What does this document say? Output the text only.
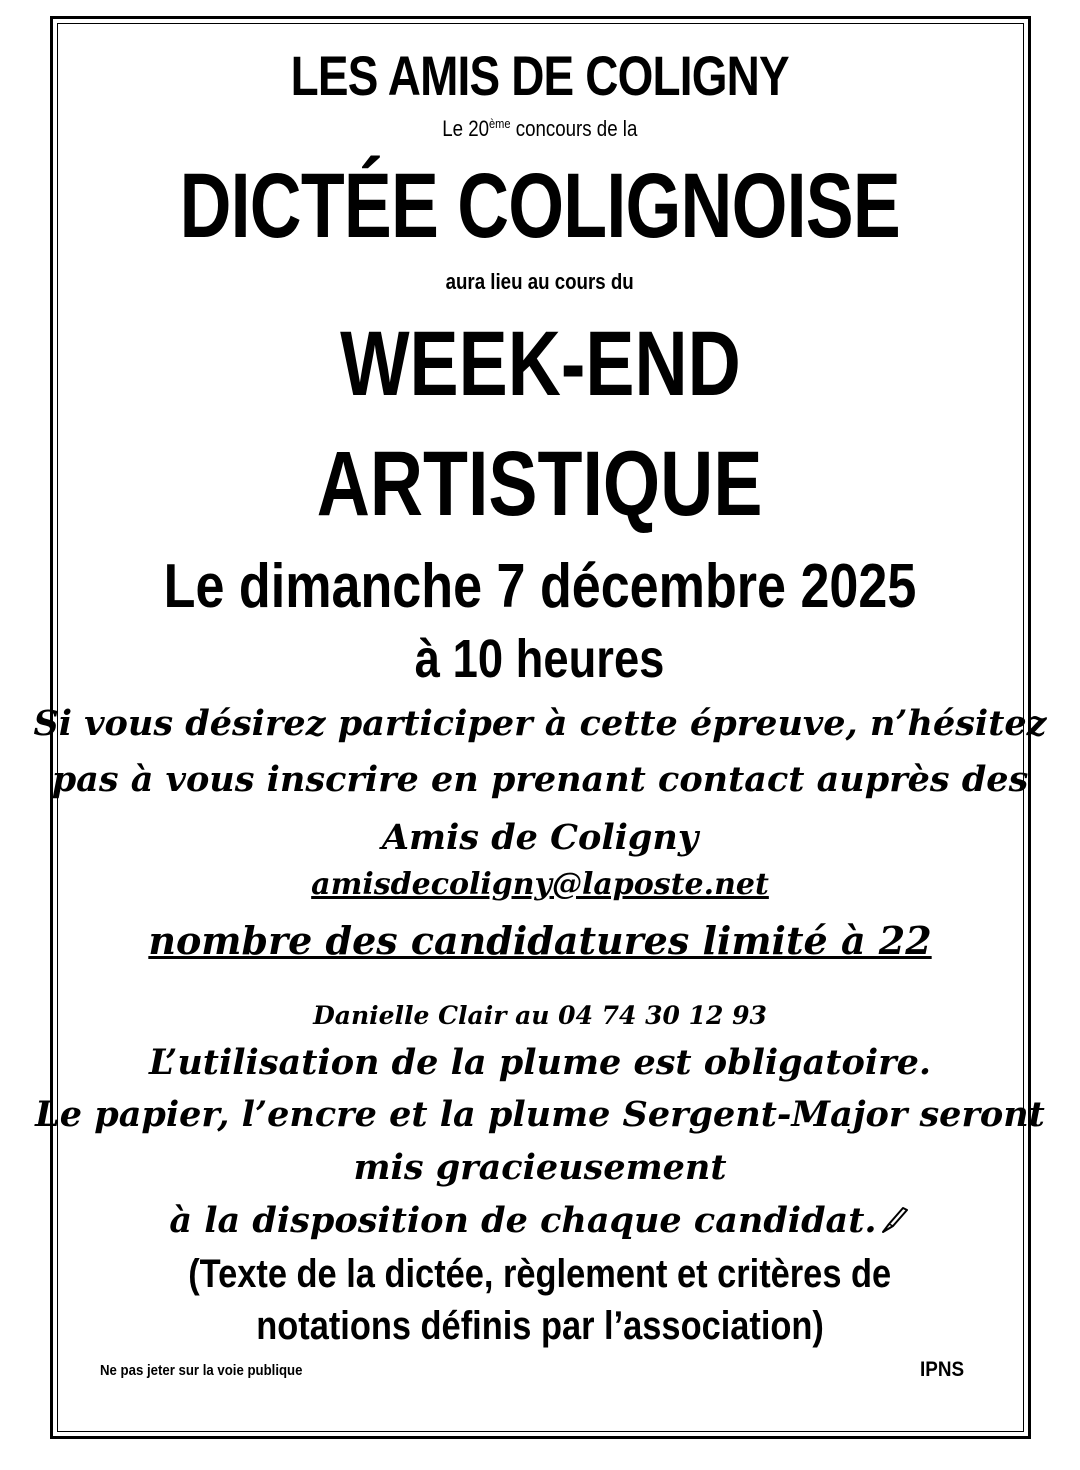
LES AMIS DE COLIGNY
Le 20ème concours de la
DICTÉE COLIGNOISE
aura lieu au cours du
WEEK-END
ARTISTIQUE
Le dimanche 7 décembre 2025
à 10 heures
Si vous désirez participer à cette épreuve, n’hésitez
pas à vous inscrire en prenant contact auprès des
Amis de Coligny
amisdecoligny@laposte.net
nombre des candidatures limité à 22
Danielle Clair au 04 74 30 12 93
L’utilisation de la plume est obligatoire.
Le papier, l’encre et la plume Sergent-Major seront
mis gracieusement
à la disposition de chaque candidat.
(Texte de la dictée, règlement et critères de
notations définis par l’association)
Ne pas jeter sur la voie publique	IPNS
